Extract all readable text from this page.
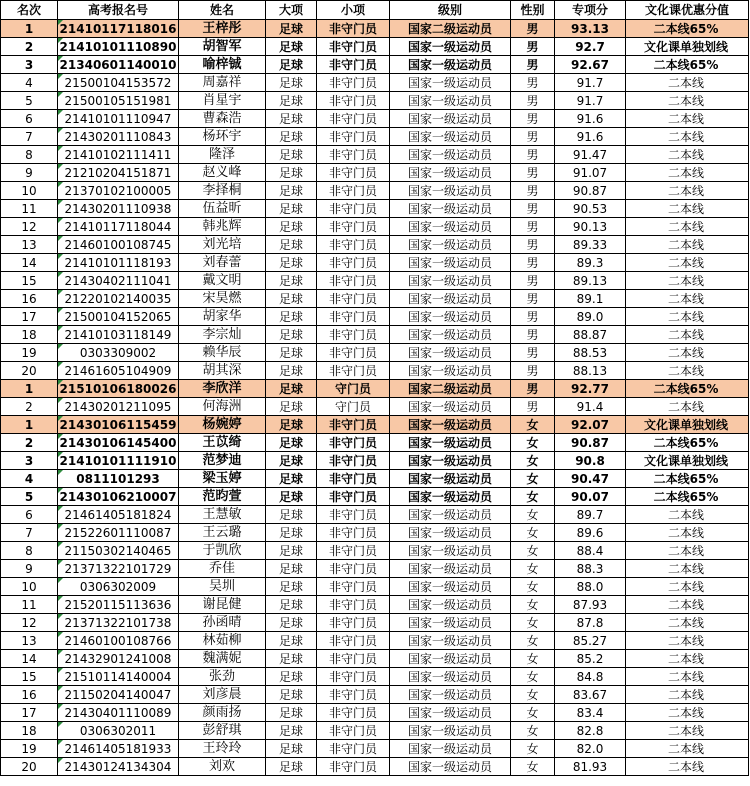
名次	高考报名号	姓名	大项	小项	级别	性别	专项分	文化课优惠分值
1	21410117118016	王梓彤	足球	非守门员	国家二级运动员	男	93.13	二本线65%
2	21410101110890	胡智军	足球	非守门员	国家一级运动员	男	92.7	文化课单独划线
3	21340601140010	喻梓铖	足球	非守门员	国家一级运动员	男	92.67	二本线65%
4	21500104153572	周嘉祥	足球	非守门员	国家一级运动员	男	91.7	二本线
5	21500105151981	肖星宇	足球	非守门员	国家一级运动员	男	91.7	二本线
6	21410101110947	曹森浩	足球	非守门员	国家一级运动员	男	91.6	二本线
7	21430201110843	杨环宇	足球	非守门员	国家一级运动员	男	91.6	二本线
8	21410102111411	隆泽	足球	非守门员	国家一级运动员	男	91.47	二本线
9	21210204151871	赵义峰	足球	非守门员	国家一级运动员	男	91.07	二本线
10	21370102100005	李择桐	足球	非守门员	国家一级运动员	男	90.87	二本线
11	21430201110938	伍益昕	足球	非守门员	国家一级运动员	男	90.53	二本线
12	21410117118044	韩兆辉	足球	非守门员	国家一级运动员	男	90.13	二本线
13	21460100108745	刘光培	足球	非守门员	国家一级运动员	男	89.33	二本线
14	21410101118193	刘春蕾	足球	非守门员	国家一级运动员	男	89.3	二本线
15	21430402111041	戴文明	足球	非守门员	国家一级运动员	男	89.13	二本线
16	21220102140035	宋昊燃	足球	非守门员	国家一级运动员	男	89.1	二本线
17	21500104152065	胡家华	足球	非守门员	国家一级运动员	男	89.0	二本线
18	21410103118149	李宗灿	足球	非守门员	国家一级运动员	男	88.87	二本线
19	0303309002	赖华辰	足球	非守门员	国家一级运动员	男	88.53	二本线
20	21461605104909	胡其深	足球	非守门员	国家一级运动员	男	88.13	二本线
1	21510106180026	李欣洋	足球	守门员	国家二级运动员	男	92.77	二本线65%
2	21430201211095	何海洲	足球	守门员	国家一级运动员	男	91.4	二本线
1	21430106115459	杨婉婷	足球	非守门员	国家一级运动员	女	92.07	文化课单独划线
2	21430106145400	王苡绮	足球	非守门员	国家一级运动员	女	90.87	二本线65%
3	21410101111910	范梦迪	足球	非守门员	国家一级运动员	女	90.8	文化课单独划线
4	0811101293	梁玉婷	足球	非守门员	国家一级运动员	女	90.47	二本线65%
5	21430106210007	范昀萱	足球	非守门员	国家一级运动员	女	90.07	二本线65%
6	21461405181824	王慧敏	足球	非守门员	国家一级运动员	女	89.7	二本线
7	21522601110087	王云璐	足球	非守门员	国家一级运动员	女	89.6	二本线
8	21150302140465	于凯欣	足球	非守门员	国家一级运动员	女	88.4	二本线
9	21371322101729	乔佳	足球	非守门员	国家一级运动员	女	88.3	二本线
10	0306302009	吴圳	足球	非守门员	国家一级运动员	女	88.0	二本线
11	21520115113636	谢昆健	足球	非守门员	国家一级运动员	女	87.93	二本线
12	21371322101738	孙函晴	足球	非守门员	国家一级运动员	女	87.8	二本线
13	21460100108766	林茹柳	足球	非守门员	国家一级运动员	女	85.27	二本线
14	21432901241008	魏满妮	足球	非守门员	国家一级运动员	女	85.2	二本线
15	21510114140004	张劲	足球	非守门员	国家一级运动员	女	84.8	二本线
16	21150204140047	刘彦晨	足球	非守门员	国家一级运动员	女	83.67	二本线
17	21430401110089	颜雨扬	足球	非守门员	国家一级运动员	女	83.4	二本线
18	0306302011	彭舒琪	足球	非守门员	国家一级运动员	女	82.8	二本线
19	21461405181933	王玲玲	足球	非守门员	国家一级运动员	女	82.0	二本线
20	21430124134304	刘欢	足球	非守门员	国家一级运动员	女	81.93	二本线
